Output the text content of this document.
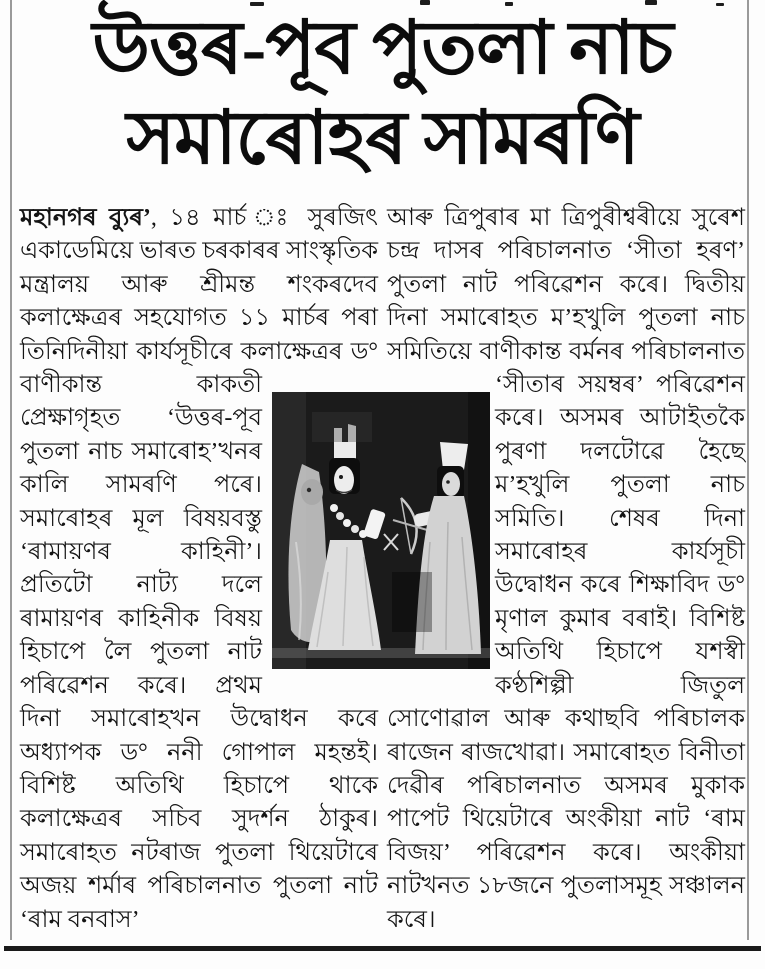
উত্তৰ-পূব পুতলা নাচ
সমাৰোহৰ সামৰণি

মহানগৰ ব্যুৰ’, ১৪ মার্চ ঃ সুৰজিৎ একাডেমিয়ে ভাৰত চৰকাৰৰ সাংস্কৃতিক মন্ত্ৰালয় আৰু শ্ৰীমন্ত শংকৰদেব কলাক্ষেত্ৰৰ সহযোগত ১১ মার্চৰ পৰা তিনিদিনীয়া কার্যসূচীৰে কলাক্ষেত্ৰৰ ড° বাণীকান্ত কাকতী প্ৰেক্ষাগৃহত ‘উত্তৰ-পূব পুতলা নাচ সমাৰোহ’খনৰ কালি সামৰণি পৰে। সমাৰোহৰ মূল বিষয়বস্তু ‘ৰামায়ণৰ কাহিনী’। প্ৰতিটো নাট্য দলে ৰামায়ণৰ কাহিনীক বিষয় হিচাপে লৈ পুতলা নাট পৰিৱেশন কৰে। প্ৰথম দিনা সমাৰোহখন উদ্বোধন কৰে অধ্যাপক ড° ননী গোপাল মহন্তই। বিশিষ্ট অতিথি হিচাপে থাকে কলাক্ষেত্ৰৰ সচিব সুদর্শন ঠাকুৰ। সমাৰোহত নটৰাজ পুতলা থিয়েটাৰে অজয় শর্মাৰ পৰিচালনাত পুতলা নাট ‘ৰাম বনবাস’

আৰু ত্ৰিপুৰাৰ মা ত্ৰিপুৰীশ্বৰীয়ে সুৰেশ চন্দ্ৰ দাসৰ পৰিচালনাত ‘সীতা হৰণ’ পুতলা নাট পৰিৱেশন কৰে। দ্বিতীয় দিনা সমাৰোহত ম’হখুলি পুতলা নাচ সমিতিয়ে বাণীকান্ত বর্মনৰ পৰিচালনাত ‘সীতাৰ সয়ম্বৰ’ পৰিৱেশন কৰে। অসমৰ আটাইতকৈ পুৰণা দলটোৱে হৈছে ম’হখুলি পুতলা নাচ সমিতি। শেষৰ দিনা সমাৰোহৰ কার্যসূচী উদ্বোধন কৰে শিক্ষাবিদ ড° মৃণাল কুমাৰ বৰাই। বিশিষ্ট অতিথি হিচাপে যশস্বী কণ্ঠশিল্পী জিতুল সোণোৱাল আৰু কথাছবি পৰিচালক ৰাজেন ৰাজখোৱা। সমাৰোহত বিনীতা দেৱীৰ পৰিচালনাত অসমৰ মুকাক পাপেট থিয়েটাৰে অংকীয়া নাট ‘ৰাম বিজয়’ পৰিৱেশন কৰে। অংকীয়া নাটখনত ১৮জনে পুতলাসমূহ সঞ্চালন কৰে।
